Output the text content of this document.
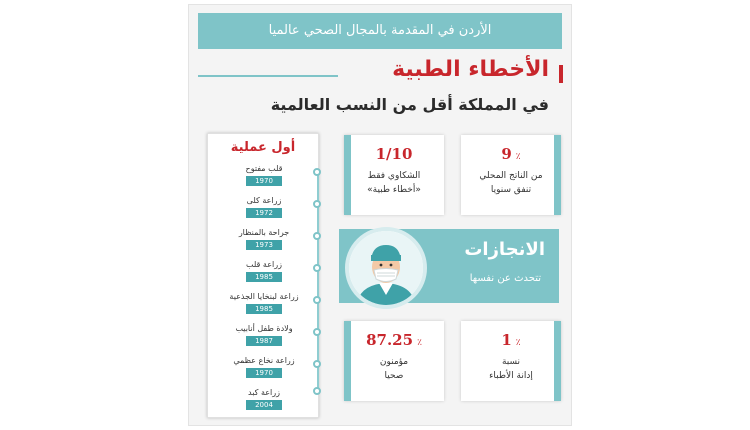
الأردن في المقدمة بالمجال الصحي عالميا
الأخطاء الطبية
في المملكة أقل من النسب العالمية
أول عملية
قلب مفتوح
1970
زراعة كلى
1972
جراحة بالمنظار
1973
زراعة قلب
1985
زراعة لبنخايا الجذعية
1985
ولادة طفل أنابيب
1987
زراعة نخاع عظمي
1970
زراعة كبد
2004
1/10
الشكاوي فقط
«أخطاء طبية»
9 ٪
من الناتج المحلي
تنفق سنويا
الانجازات
تتحدث عن نفسها
87.25 ٪
مؤمنون
صحيا
1 ٪
نسبة
إدانة الأطباء
